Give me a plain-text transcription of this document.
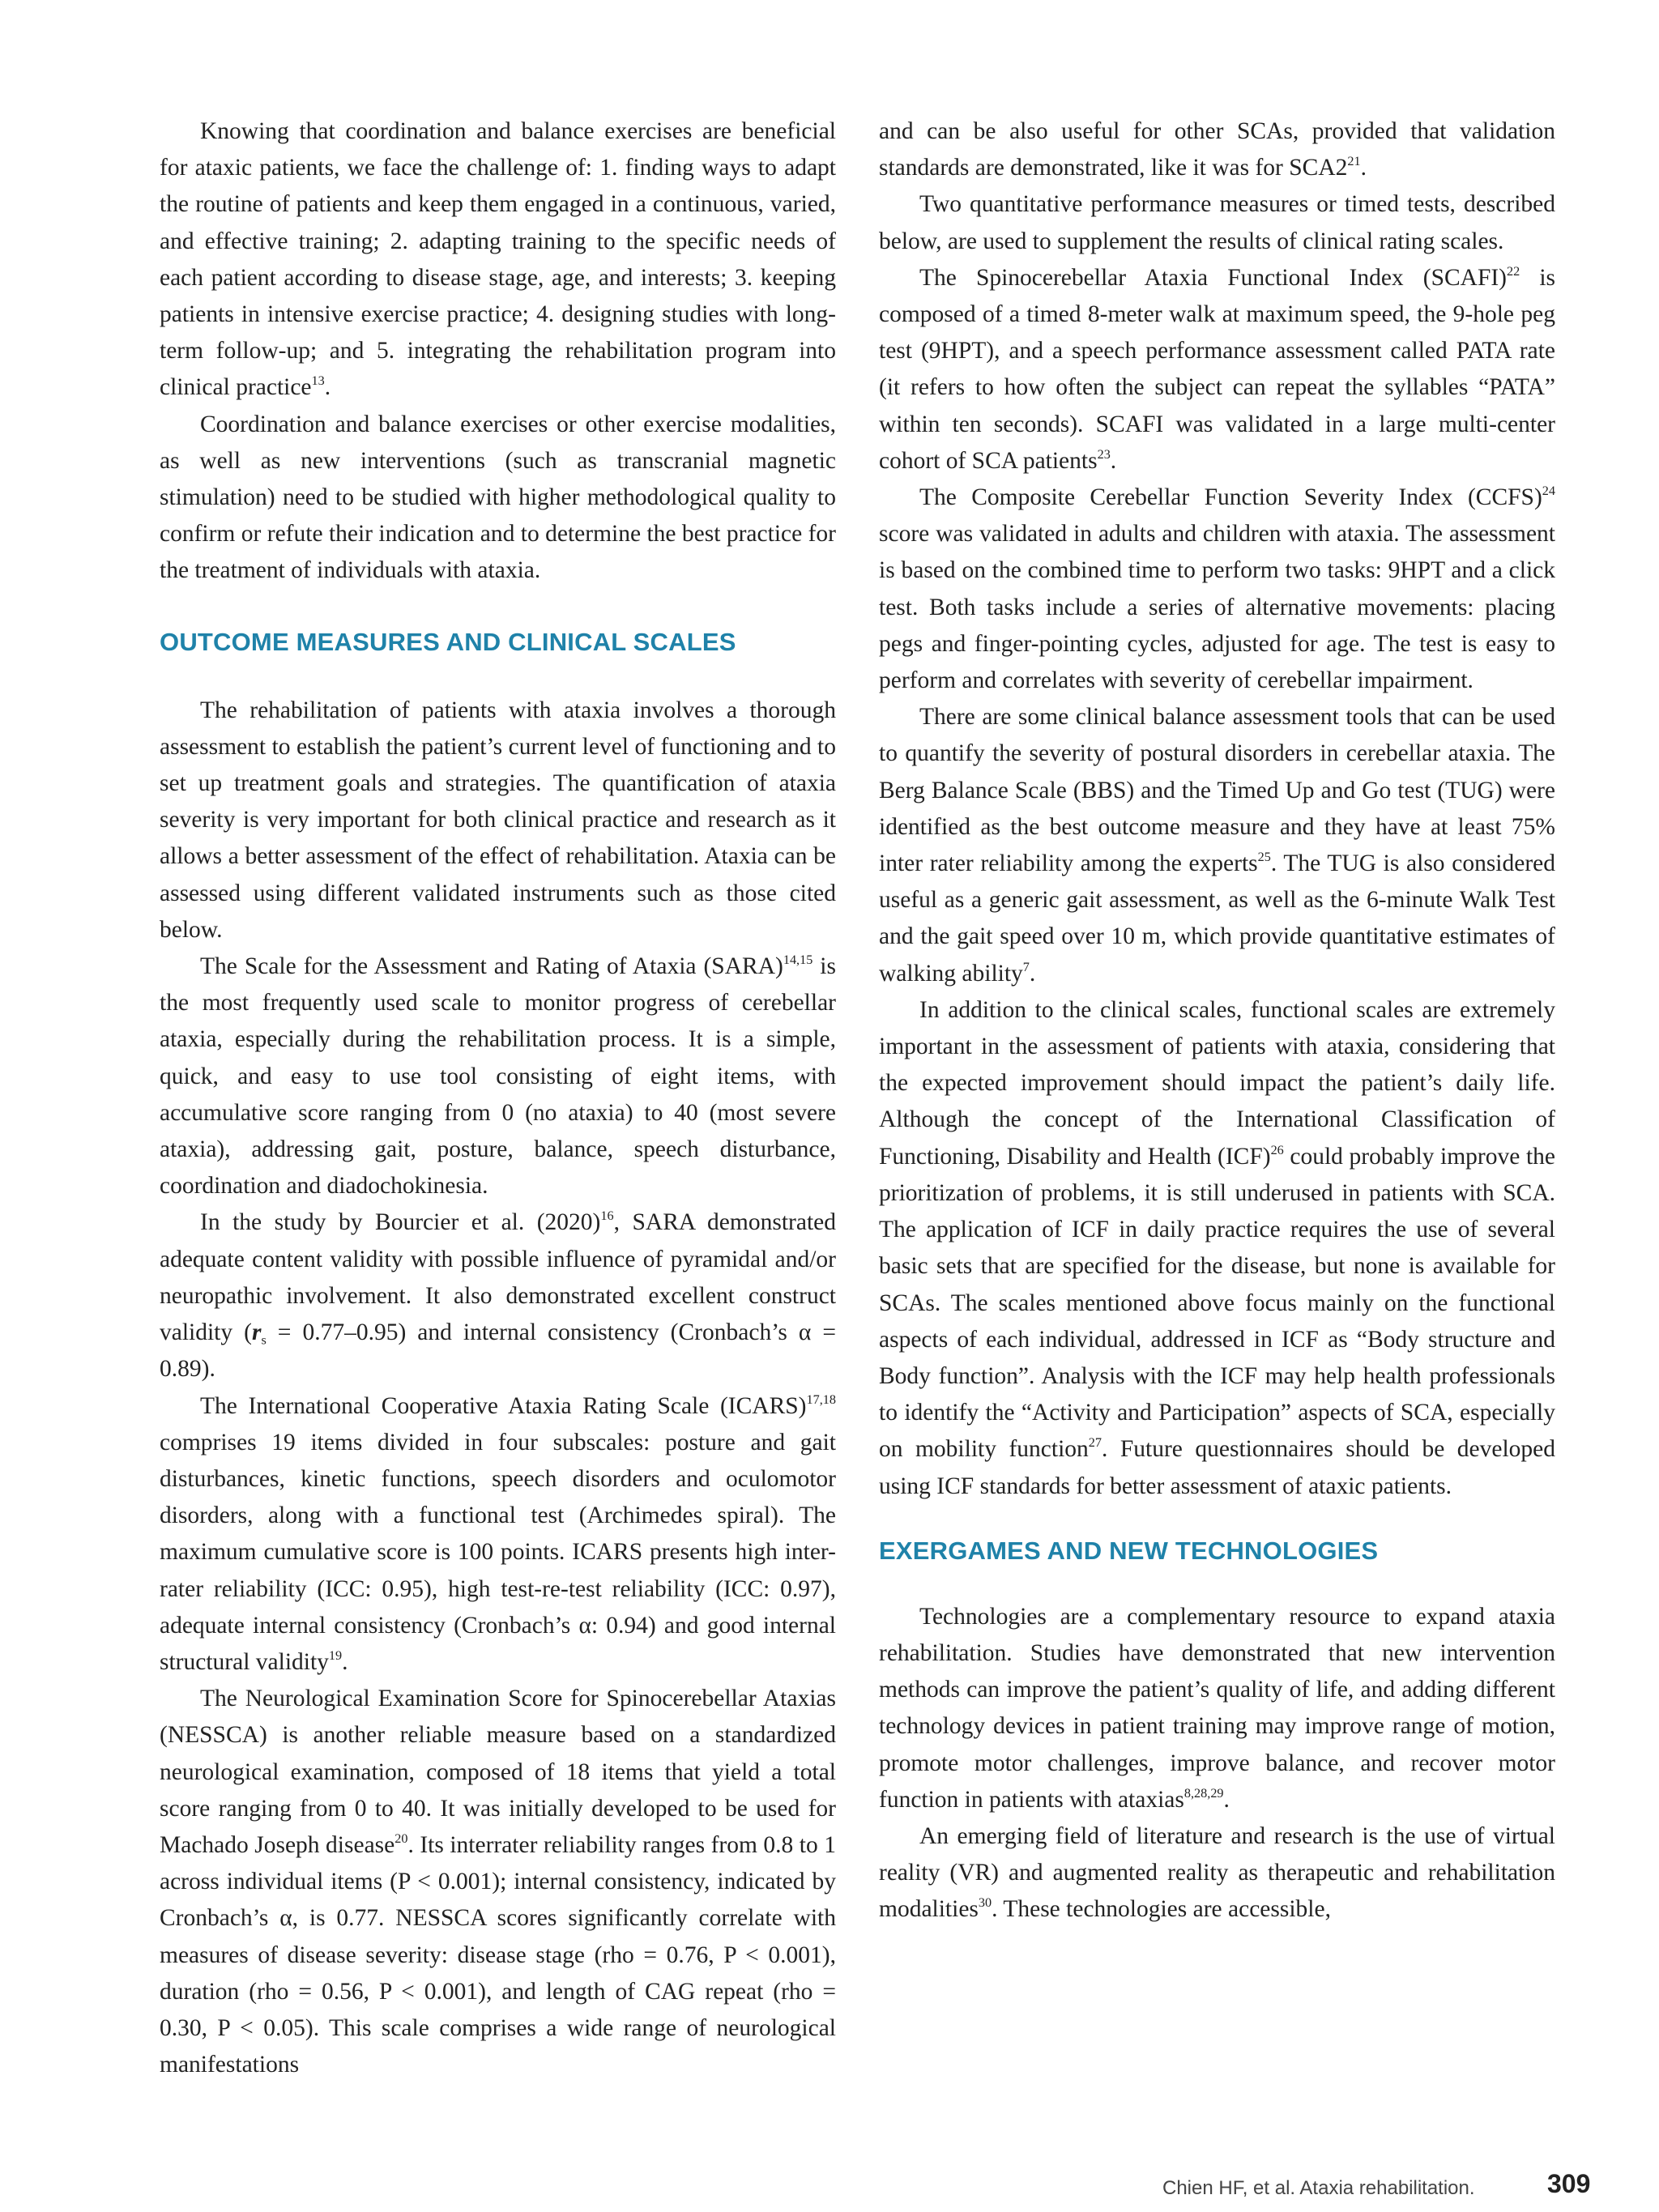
Knowing that coordination and balance exercises are beneficial for ataxic patients, we face the challenge of: 1. finding ways to adapt the routine of patients and keep them engaged in a continuous, varied, and effective training; 2. adapting training to the specific needs of each patient according to disease stage, age, and interests; 3. keeping patients in intensive exercise practice; 4. designing studies with long-term follow-up; and 5. integrating the rehabilitation program into clinical practice$^{13}$.

Coordination and balance exercises or other exercise modalities, as well as new interventions (such as transcranial magnetic stimulation) need to be studied with higher methodological quality to confirm or refute their indication and to determine the best practice for the treatment of individuals with ataxia.

OUTCOME MEASURES AND CLINICAL SCALES

The rehabilitation of patients with ataxia involves a thorough assessment to establish the patient’s current level of functioning and to set up treatment goals and strategies. The quantification of ataxia severity is very important for both clinical practice and research as it allows a better assessment of the effect of rehabilitation. Ataxia can be assessed using different validated instruments such as those cited below.

The Scale for the Assessment and Rating of Ataxia (SARA)$^{14,15}$ is the most frequently used scale to monitor progress of cerebellar ataxia, especially during the rehabilitation process. It is a simple, quick, and easy to use tool consisting of eight items, with accumulative score ranging from 0 (no ataxia) to 40 (most severe ataxia), addressing gait, posture, balance, speech disturbance, coordination and diadochokinesia.

In the study by Bourcier et al. $(2020)^{16}$, SARA demonstrated adequate content validity with possible influence of pyramidal and/or neuropathic involvement. It also demonstrated excellent construct validity $(r_s = 0.77-0.95)$ and internal consistency (Cronbach’s α = 0.89).

The International Cooperative Ataxia Rating Scale (ICARS)$^{17,18}$ comprises 19 items divided in four subscales: posture and gait disturbances, kinetic functions, speech disorders and oculomotor disorders, along with a functional test (Archimedes spiral). The maximum cumulative score is 100 points. ICARS presents high inter-rater reliability (ICC: 0.95), high test-re-test reliability (ICC: 0.97), adequate internal consistency (Cronbach’s α: 0.94) and good internal structural validity$^{19}$.

The Neurological Examination Score for Spinocerebellar Ataxias (NESSCA) is another reliable measure based on a standardized neurological examination, composed of 18 items that yield a total score ranging from 0 to 40. It was initially developed to be used for Machado Joseph disease$^{20}$. Its interrater reliability ranges from 0.8 to 1 across individual items (P < 0.001); internal consistency, indicated by Cronbach’s α, is 0.77. NESSCA scores significantly correlate with measures of disease severity: disease stage (rho = 0.76, P < 0.001), duration (rho = 0.56, P < 0.001), and length of CAG repeat (rho = 0.30, P < 0.05). This scale comprises a wide range of neurological manifestations

and can be also useful for other SCAs, provided that validation standards are demonstrated, like it was for $SCA2^{21}$.

Two quantitative performance measures or timed tests, described below, are used to supplement the results of clinical rating scales.

The Spinocerebellar Ataxia Functional Index (SCAFI)$^{22}$ is composed of a timed 8-meter walk at maximum speed, the 9-hole peg test (9HPT), and a speech performance assessment called PATA rate (it refers to how often the subject can repeat the syllables “PATA” within ten seconds). SCAFI was validated in a large multi-center cohort of SCA patients$^{23}$.

The Composite Cerebellar Function Severity Index (CCFS)$^{24}$ score was validated in adults and children with ataxia. The assessment is based on the combined time to perform two tasks: 9HPT and a click test. Both tasks include a series of alternative movements: placing pegs and finger-pointing cycles, adjusted for age. The test is easy to perform and correlates with severity of cerebellar impairment.

There are some clinical balance assessment tools that can be used to quantify the severity of postural disorders in cerebellar ataxia. The Berg Balance Scale (BBS) and the Timed Up and Go test (TUG) were identified as the best outcome measure and they have at least 75% inter rater reliability among the experts$^{25}$. The TUG is also considered useful as a generic gait assessment, as well as the 6-minute Walk Test and the gait speed over 10 m, which provide quantitative estimates of walking ability$^7$.

In addition to the clinical scales, functional scales are extremely important in the assessment of patients with ataxia, considering that the expected improvement should impact the patient’s daily life. Although the concept of the International Classification of Functioning, Disability and Health (ICF)$^{26}$ could probably improve the prioritization of problems, it is still underused in patients with SCA. The application of ICF in daily practice requires the use of several basic sets that are specified for the disease, but none is available for SCAs. The scales mentioned above focus mainly on the functional aspects of each individual, addressed in ICF as “Body structure and Body function”. Analysis with the ICF may help health professionals to identify the “Activity and Participation” aspects of SCA, especially on mobility function$^{27}$. Future questionnaires should be developed using ICF standards for better assessment of ataxic patients.

EXERGAMES AND NEW TECHNOLOGIES

Technologies are a complementary resource to expand ataxia rehabilitation. Studies have demonstrated that new intervention methods can improve the patient’s quality of life, and adding different technology devices in patient training may improve range of motion, promote motor challenges, improve balance, and recover motor function in patients with ataxias$^{8,28,29}$.

An emerging field of literature and research is the use of virtual reality (VR) and augmented reality as therapeutic and rehabilitation modalities$^{30}$. These technologies are accessible,

Chien HF, et al. Ataxia rehabilitation.	309
